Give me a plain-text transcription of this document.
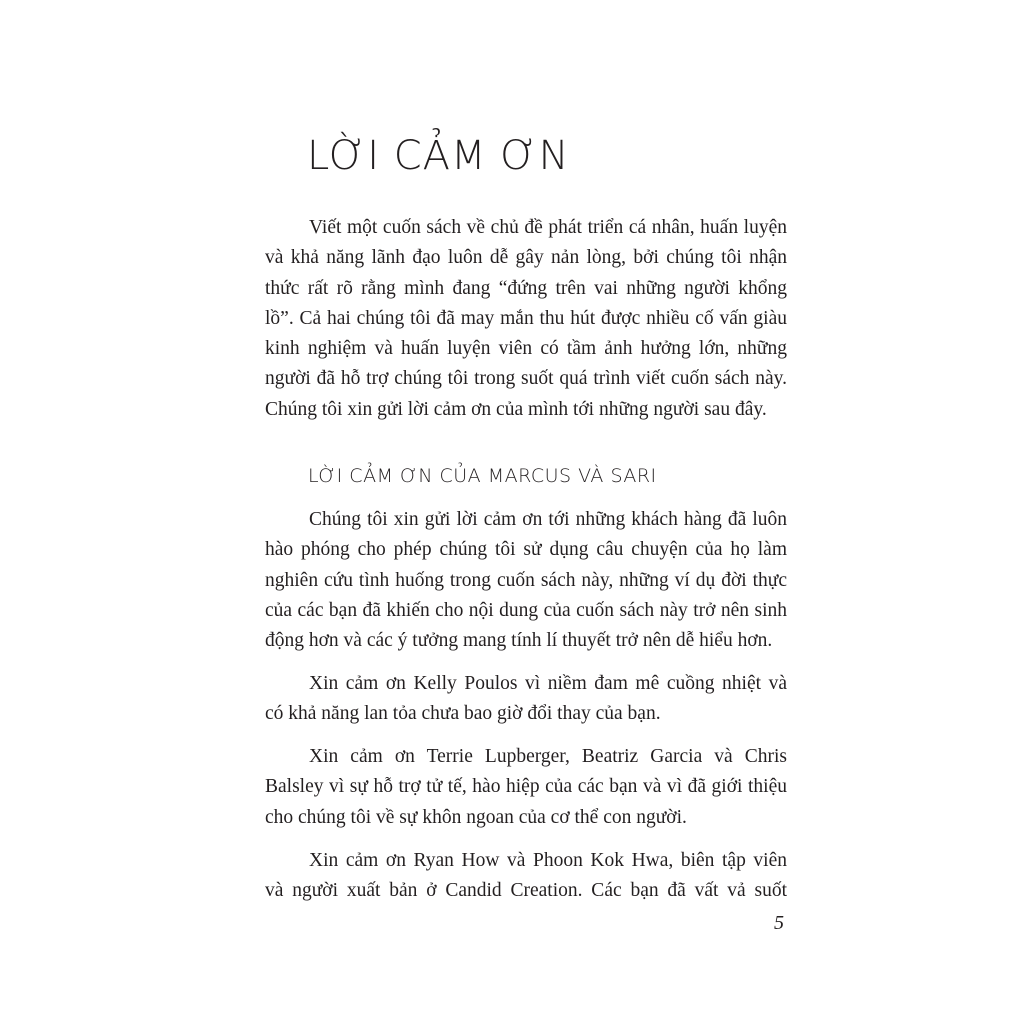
LỜI CẢM ƠN

Viết một cuốn sách về chủ đề phát triển cá nhân, huấn luyện
và khả năng lãnh đạo luôn dễ gây nản lòng, bởi chúng tôi nhận
thức rất rõ rằng mình đang “đứng trên vai những người khổng
lồ”. Cả hai chúng tôi đã may mắn thu hút được nhiều cố vấn giàu
kinh nghiệm và huấn luyện viên có tầm ảnh hưởng lớn, những
người đã hỗ trợ chúng tôi trong suốt quá trình viết cuốn sách này.
Chúng tôi xin gửi lời cảm ơn của mình tới những người sau đây.

LỜI CẢM ƠN CỦA MARCUS VÀ SARI

Chúng tôi xin gửi lời cảm ơn tới những khách hàng đã luôn
hào phóng cho phép chúng tôi sử dụng câu chuyện của họ làm
nghiên cứu tình huống trong cuốn sách này, những ví dụ đời thực
của các bạn đã khiến cho nội dung của cuốn sách này trở nên sinh
động hơn và các ý tưởng mang tính lí thuyết trở nên dễ hiểu hơn.

Xin cảm ơn Kelly Poulos vì niềm đam mê cuồng nhiệt và
có khả năng lan tỏa chưa bao giờ đổi thay của bạn.

Xin cảm ơn Terrie Lupberger, Beatriz Garcia và Chris
Balsley vì sự hỗ trợ tử tế, hào hiệp của các bạn và vì đã giới thiệu
cho chúng tôi về sự khôn ngoan của cơ thể con người.

Xin cảm ơn Ryan How và Phoon Kok Hwa, biên tập viên
và người xuất bản ở Candid Creation. Các bạn đã vất vả suốt

5
